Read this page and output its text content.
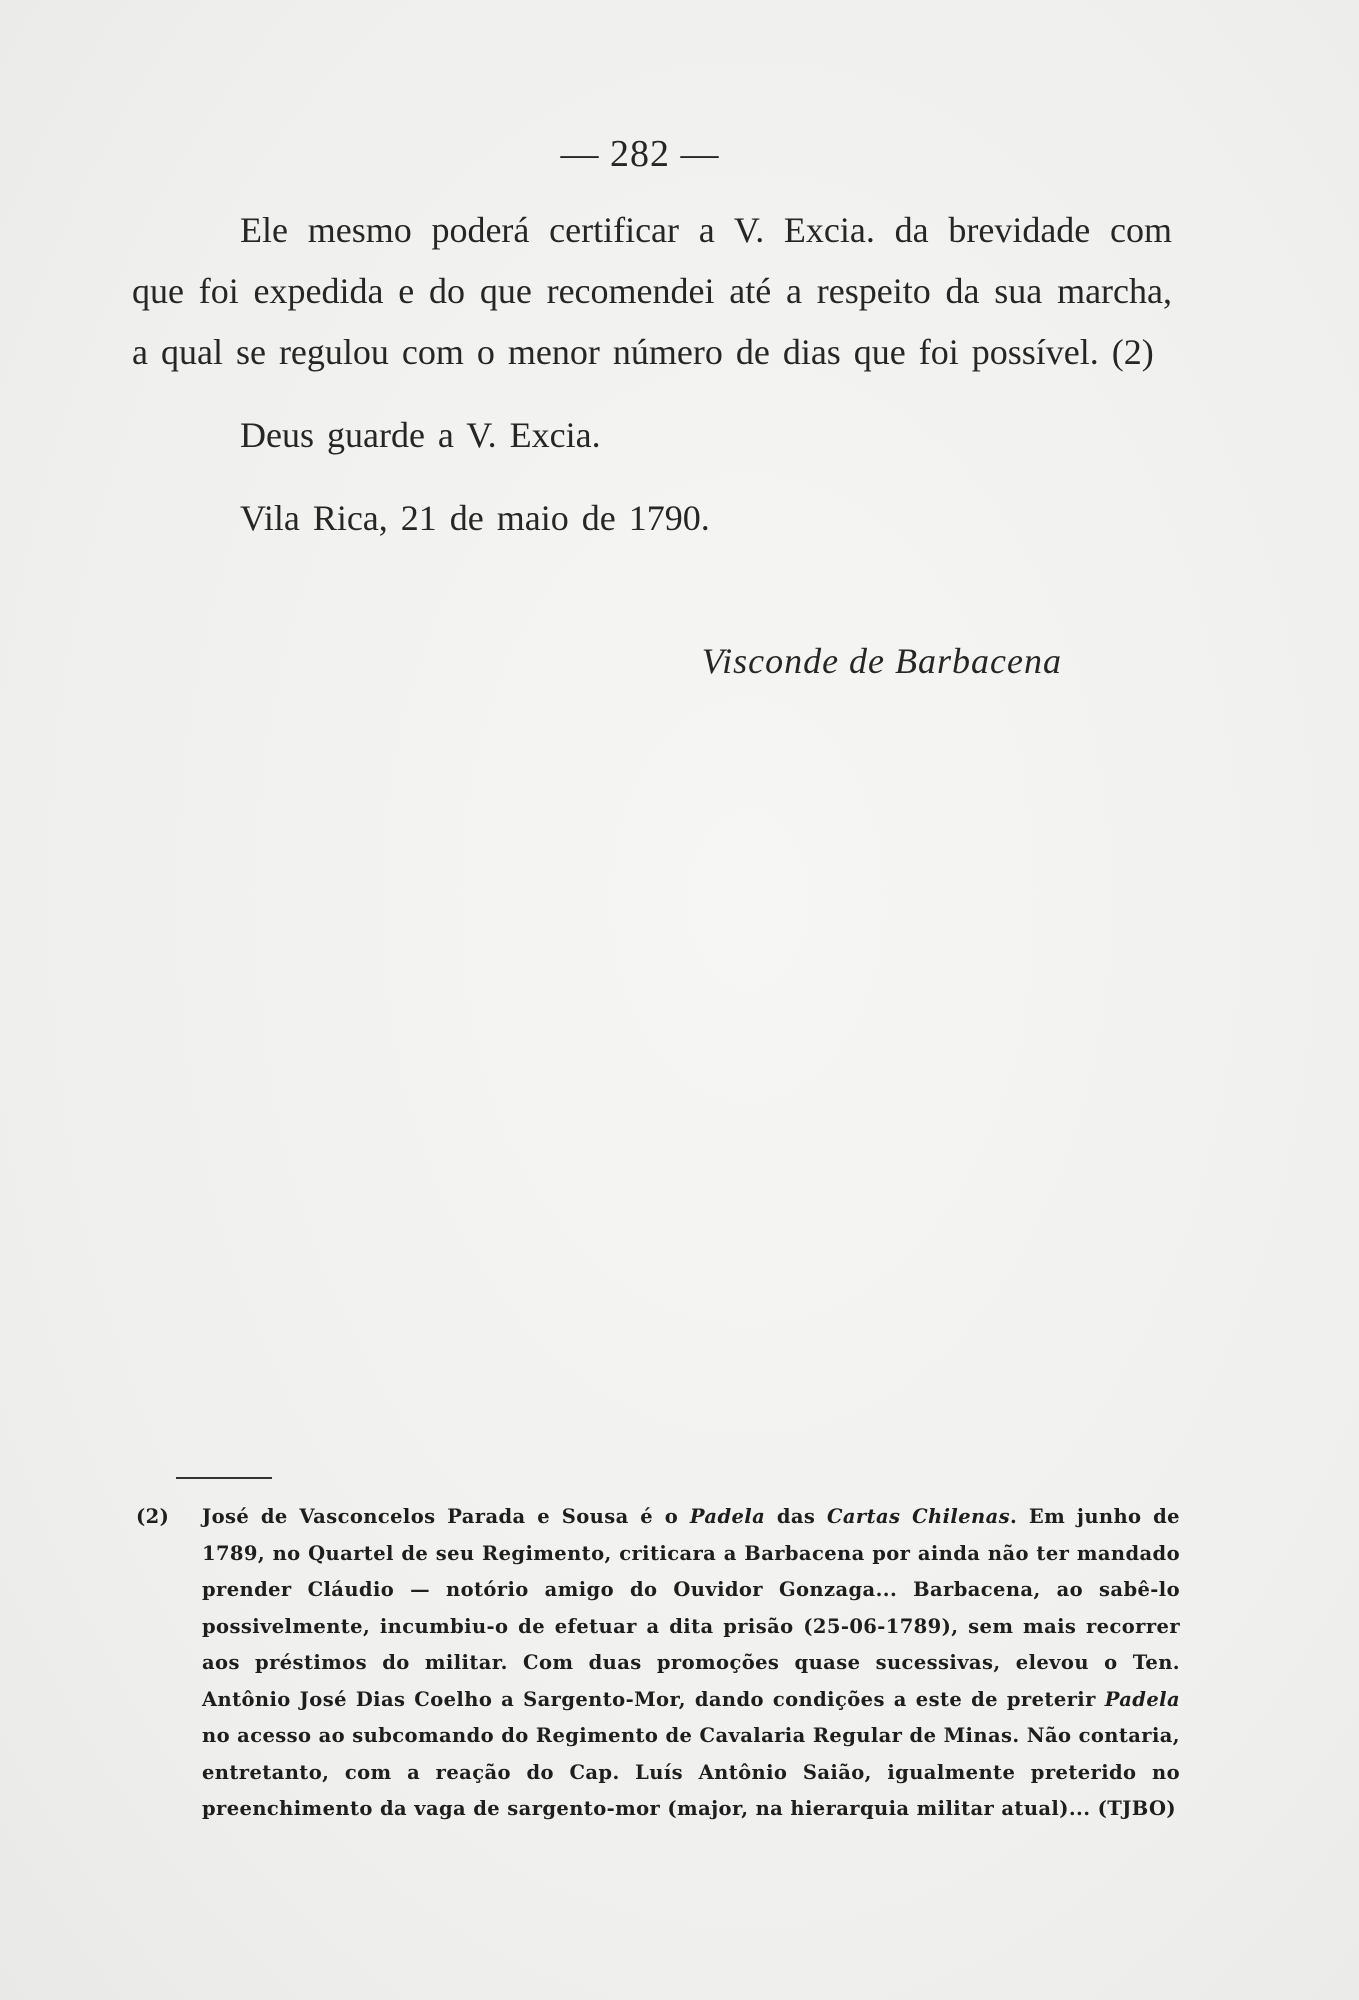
— 282 —

Ele mesmo poderá certificar a V. Excia. da brevidade com que foi expedida e do que recomendei até a respeito da sua marcha, a qual se regulou com o menor número de dias que foi possível. (2)

Deus guarde a V. Excia.

Vila Rica, 21 de maio de 1790.

Visconde de Barbacena
(2)	José de Vasconcelos Parada e Sousa é o Padela das Cartas Chilenas. Em junho de 1789, no Quartel de seu Regimento, criticara a Barbacena por ainda não ter mandado prender Cláudio — notório amigo do Ouvidor Gonzaga... Barbacena, ao sabê-lo possivelmente, incumbiu-o de efetuar a dita prisão (25-06-1789), sem mais recorrer aos préstimos do militar. Com duas promoções quase sucessivas, elevou o Ten. Antônio José Dias Coelho a Sargento-Mor, dando condições a este de preterir Padela no acesso ao subcomando do Regimento de Cavalaria Regular de Minas. Não contaria, entretanto, com a reação do Cap. Luís Antônio Saião, igualmente preterido no preenchimento da vaga de sargento-mor (major, na hierarquia militar atual)... (TJBO)
